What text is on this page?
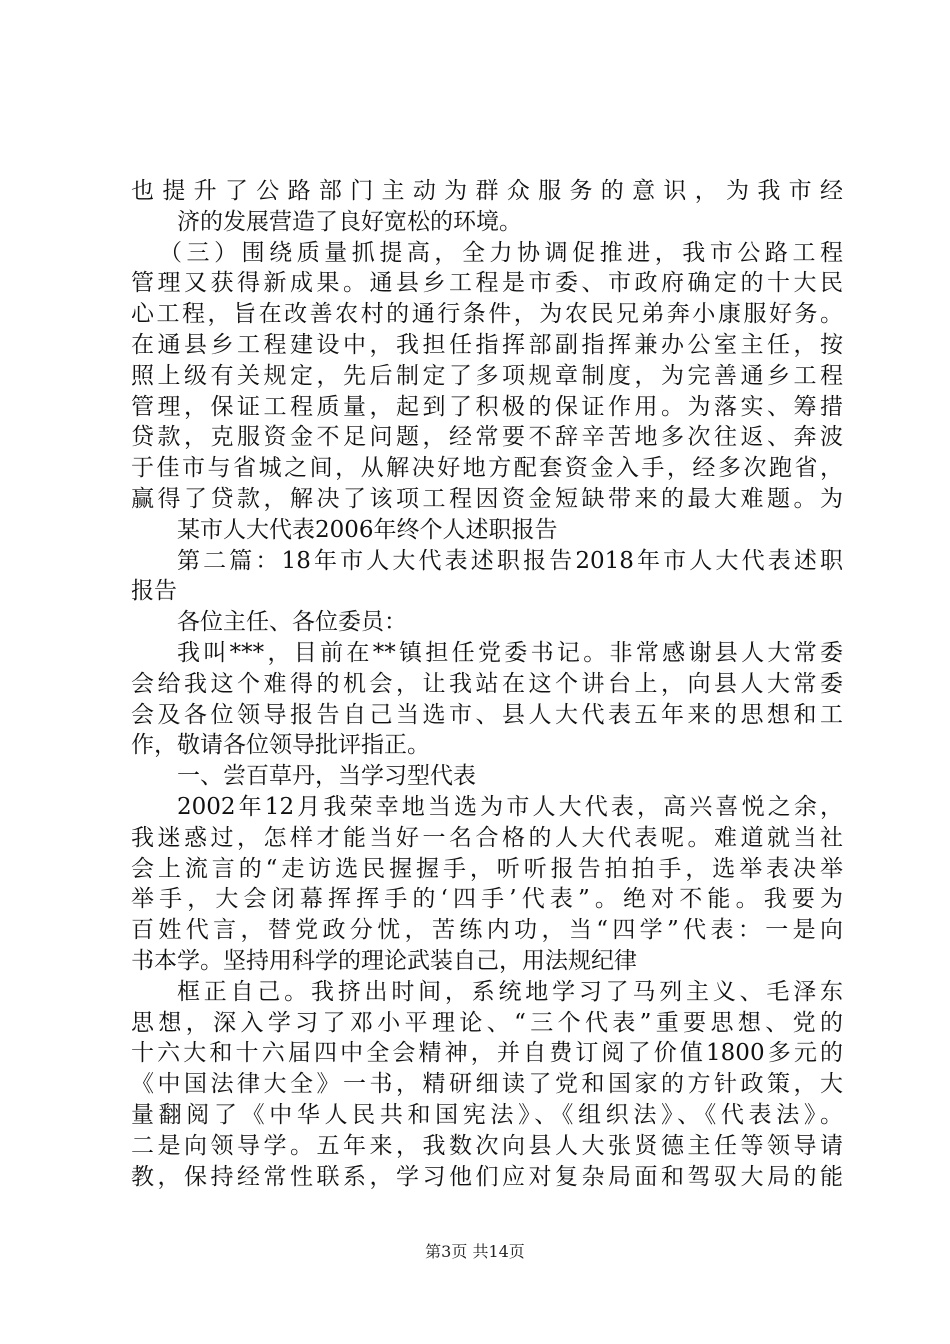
也提升了公路部门主动为群众服务的意识，为我市经
济的发展营造了良好宽松的环境。
（三）围绕质量抓提高，全力协调促推进，我市公路工程
管理又获得新成果。通县乡工程是市委、市政府确定的十大民
心工程，旨在改善农村的通行条件，为农民兄弟奔小康服好务。
在通县乡工程建设中，我担任指挥部副指挥兼办公室主任，按
照上级有关规定，先后制定了多项规章制度，为完善通乡工程
管理，保证工程质量，起到了积极的保证作用。为落实、筹措
贷款，克服资金不足问题，经常要不辞辛苦地多次往返、奔波
于佳市与省城之间，从解决好地方配套资金入手，经多次跑省，
赢得了贷款，解决了该项工程因资金短缺带来的最大难题。为
某市人大代表2006年终个人述职报告
第二篇：18年市人大代表述职报告2018年市人大代表述职
报告
各位主任、各位委员：
我叫***，目前在**镇担任党委书记。非常感谢县人大常委
会给我这个难得的机会，让我站在这个讲台上，向县人大常委
会及各位领导报告自己当选市、县人大代表五年来的思想和工
作，敬请各位领导批评指正。
一、尝百草丹，当学习型代表
2002年12月我荣幸地当选为市人大代表，高兴喜悦之余，
我迷惑过，怎样才能当好一名合格的人大代表呢。难道就当社
会上流言的“走访选民握握手，听听报告拍拍手，选举表决举
举手，大会闭幕挥挥手的‘四手’代表”。绝对不能。我要为
百姓代言，替党政分忧，苦练内功，当“四学”代表：一是向
书本学。坚持用科学的理论武装自己，用法规纪律
框正自己。我挤出时间，系统地学习了马列主义、毛泽东
思想，深入学习了邓小平理论、“三个代表”重要思想、党的
十六大和十六届四中全会精神，并自费订阅了价值1800多元的
《中国法律大全》一书，精研细读了党和国家的方针政策，大
量翻阅了《中华人民共和国宪法》、《组织法》、《代表法》。
二是向领导学。五年来，我数次向县人大张贤德主任等领导请
教，保持经常性联系，学习他们应对复杂局面和驾驭大局的能
第3页 共14页
